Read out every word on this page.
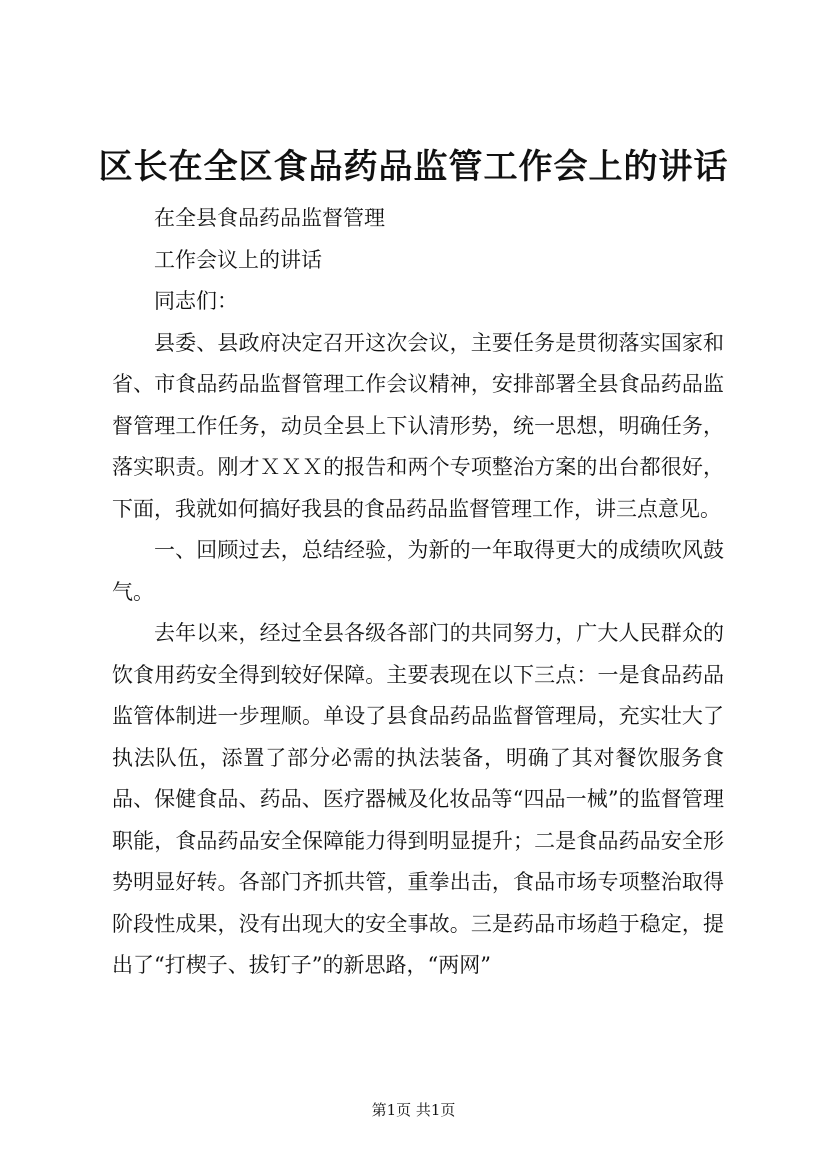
区长在全区食品药品监管工作会上的讲话

在全县食品药品监督管理

工作会议上的讲话

同志们：

县委、县政府决定召开这次会议，主要任务是贯彻落实国家和省、市食品药品监督管理工作会议精神，安排部署全县食品药品监督管理工作任务，动员全县上下认清形势，统一思想，明确任务，落实职责。刚才ＸＸＸ的报告和两个专项整治方案的出台都很好，下面，我就如何搞好我县的食品药品监督管理工作，讲三点意见。

一、回顾过去，总结经验，为新的一年取得更大的成绩吹风鼓气。

去年以来，经过全县各级各部门的共同努力，广大人民群众的饮食用药安全得到较好保障。主要表现在以下三点：一是食品药品监管体制进一步理顺。单设了县食品药品监督管理局，充实壮大了执法队伍，添置了部分必需的执法装备，明确了其对餐饮服务食品、保健食品、药品、医疗器械及化妆品等“四品一械”的监督管理职能，食品药品安全保障能力得到明显提升；二是食品药品安全形势明显好转。各部门齐抓共管，重拳出击，食品市场专项整治取得阶段性成果，没有出现大的安全事故。三是药品市场趋于稳定，提出了“打楔子、拔钉子”的新思路，“两网”

第1页 共1页
